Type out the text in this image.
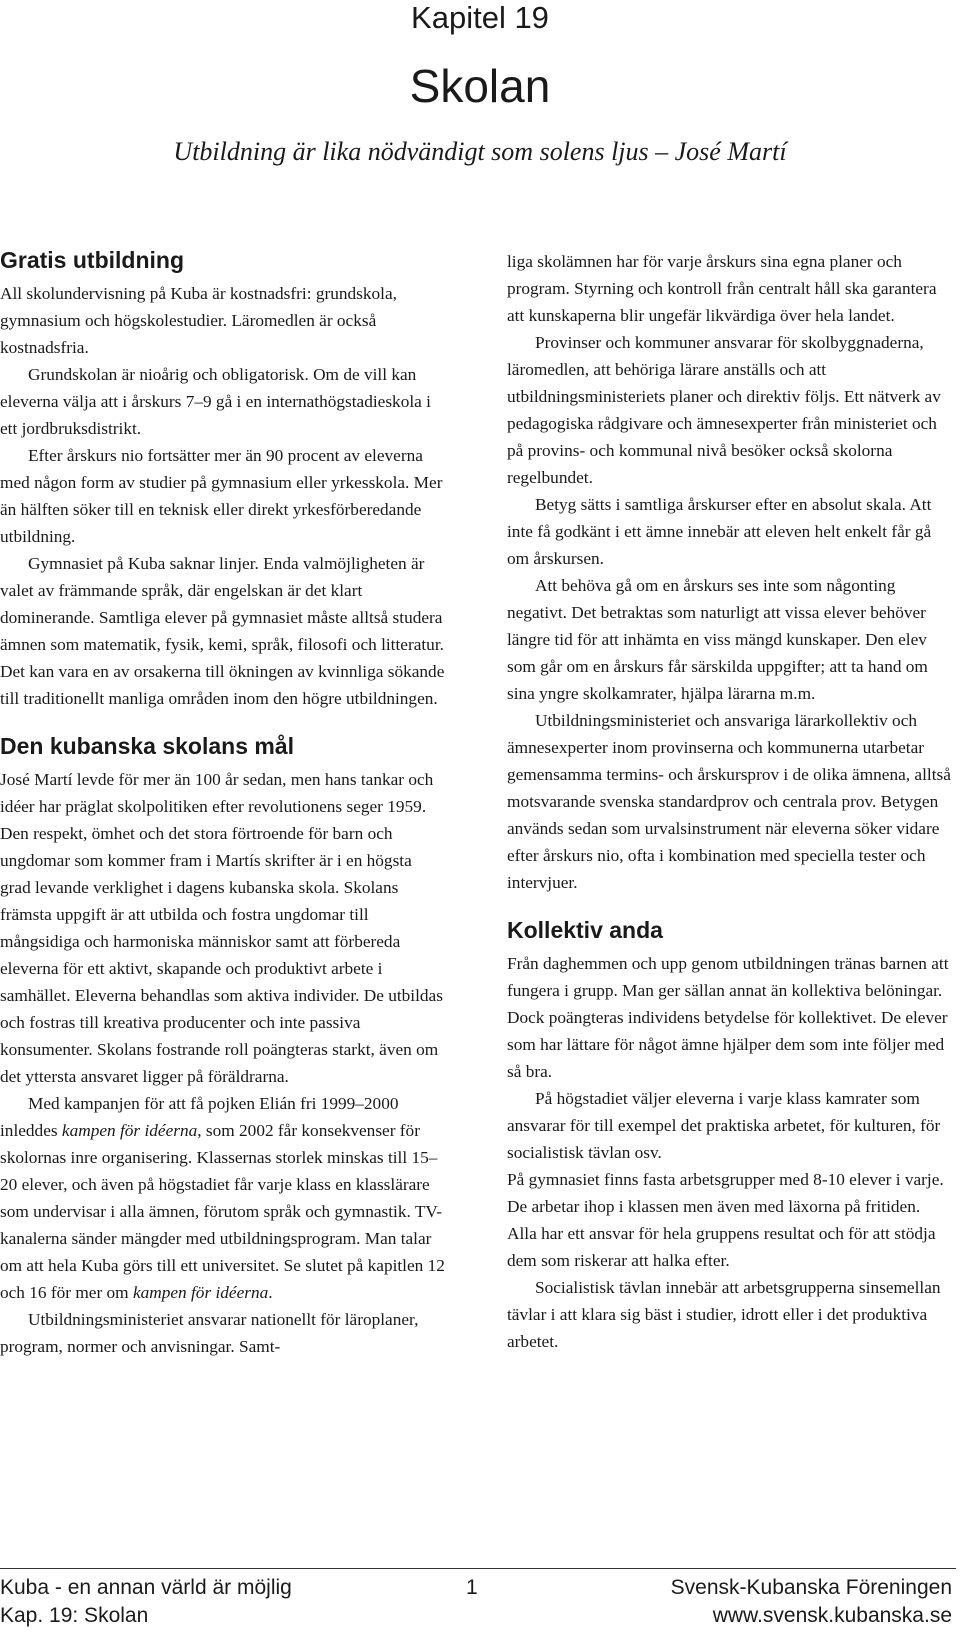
Kapitel 19
Skolan
Utbildning är lika nödvändigt som solens ljus – José Martí
Gratis utbildning

All skolundervisning på Kuba är kostnadsfri: grundskola, gymnasium och högskolestudier. Läromedlen är också kostnadsfria.

Grundskolan är nioårig och obligatorisk. Om de vill kan eleverna välja att i årskurs 7–9 gå i en internathögstadieskola i ett jordbruksdistrikt.

Efter årskurs nio fortsätter mer än 90 procent av eleverna med någon form av studier på gymnasium eller yrkesskola. Mer än hälften söker till en teknisk eller direkt yrkesförberedande utbildning.

Gymnasiet på Kuba saknar linjer. Enda valmöjligheten är valet av främmande språk, där engelskan är det klart dominerande. Samtliga elever på gymnasiet måste alltså studera ämnen som matematik, fysik, kemi, språk, filosofi och litteratur. Det kan vara en av orsakerna till ökningen av kvinnliga sökande till traditionellt manliga områden inom den högre utbildningen.

Den kubanska skolans mål

José Martí levde för mer än 100 år sedan, men hans tankar och idéer har präglat skolpolitiken efter revolutionens seger 1959. Den respekt, ömhet och det stora förtroende för barn och ungdomar som kommer fram i Martís skrifter är i en högsta grad levande verklighet i dagens kubanska skola. Skolans främsta uppgift är att utbilda och fostra ungdomar till mångsidiga och harmoniska människor samt att förbereda eleverna för ett aktivt, skapande och produktivt arbete i samhället. Eleverna behandlas som aktiva individer. De utbildas och fostras till kreativa producenter och inte passiva konsumenter. Skolans fostrande roll poängteras starkt, även om det yttersta ansvaret ligger på föräldrarna.

Med kampanjen för att få pojken Elián fri 1999–2000 inleddes kampen för idéerna, som 2002 får konsekvenser för skolornas inre organisering. Klassernas storlek minskas till 15–20 elever, och även på högstadiet får varje klass en klasslärare som undervisar i alla ämnen, förutom språk och gymnastik. TV-kanalerna sänder mängder med utbildningsprogram. Man talar om att hela Kuba görs till ett universitet. Se slutet på kapitlen 12 och 16 för mer om kampen för idéerna.

Utbildningsministeriet ansvarar nationellt för läroplaner, program, normer och anvisningar. Samt-

liga skolämnen har för varje årskurs sina egna planer och program. Styrning och kontroll från centralt håll ska garantera att kunskaperna blir ungefär likvärdiga över hela landet.

Provinser och kommuner ansvarar för skolbyggnaderna, läromedlen, att behöriga lärare anställs och att utbildningsministeriets planer och direktiv följs. Ett nätverk av pedagogiska rådgivare och ämnesexperter från ministeriet och på provins- och kommunal nivå besöker också skolorna regelbundet.

Betyg sätts i samtliga årskurser efter en absolut skala. Att inte få godkänt i ett ämne innebär att eleven helt enkelt får gå om årskursen.

Att behöva gå om en årskurs ses inte som någonting negativt. Det betraktas som naturligt att vissa elever behöver längre tid för att inhämta en viss mängd kunskaper. Den elev som går om en årskurs får särskilda uppgifter; att ta hand om sina yngre skolkamrater, hjälpa lärarna m.m.

Utbildningsministeriet och ansvariga lärarkollektiv och ämnesexperter inom provinserna och kommunerna utarbetar gemensamma termins- och årskursprov i de olika ämnena, alltså motsvarande svenska standardprov och centrala prov. Betygen används sedan som urvalsinstrument när eleverna söker vidare efter årskurs nio, ofta i kombination med speciella tester och intervjuer.

Kollektiv anda

Från daghemmen och upp genom utbildningen tränas barnen att fungera i grupp. Man ger sällan annat än kollektiva belöningar. Dock poängteras individens betydelse för kollektivet. De elever som har lättare för något ämne hjälper dem som inte följer med så bra.

På högstadiet väljer eleverna i varje klass kamrater som ansvarar för till exempel det praktiska arbetet, för kulturen, för socialistisk tävlan osv.

På gymnasiet finns fasta arbetsgrupper med 8-10 elever i varje. De arbetar ihop i klassen men även med läxorna på fritiden. Alla har ett ansvar för hela gruppens resultat och för att stödja dem som riskerar att halka efter.

Socialistisk tävlan innebär att arbetsgrupperna sinsemellan tävlar i att klara sig bäst i studier, idrott eller i det produktiva arbetet.

Kuba - en annan värld är möjlig
Kap. 19: Skolan
1	Svensk-Kubanska Föreningen
www.svensk.kubanska.se
